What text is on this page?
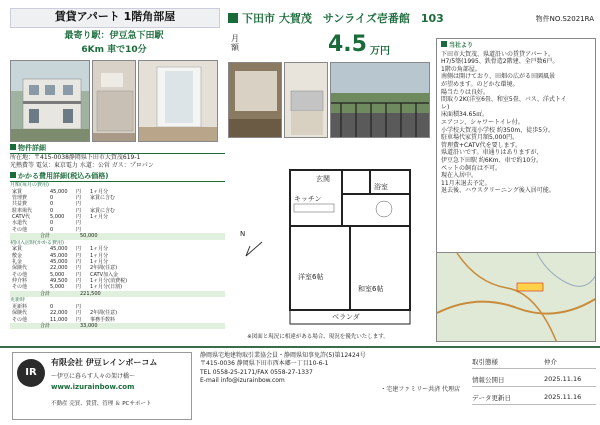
賃貸アパート 1階角部屋
最寄り駅：伊豆急下田駅
6Km 車で10分
下田市 大賀茂　サンライズ壱番館　103	物件NO.S2021RA
月額	4.5 万円
物件詳細
所在地：〒415-0038静岡県下田市大賀茂619-1
光熱費等 電気：東京電力 水道：公営 ガス：プロパン
かかる費用詳細(税込み価格)
月額(毎月の費用)
家賃	45,000 円 1ヶ月分
管理費	0	円 家賃に含む
共益費	0	円
駐車場代	0	円 家賃に含む
CATV代	5,000 円 1ヶ月分
水道代	0	円
その他	0	円
合計	50,000
初回入居時(かかる費用)
家賃	45,000 円 1ヶ月分
敷金	45,000 円 1ヶ月分
礼金	45,000 円 1ヶ月分
保険代	22,000 円 2年間(任意)
その他	5,000 円 CATV加入金
仲介料	49,500 円 1ヶ月分(消費税)
その他	5,000 円 1ヶ月分(日割)
合計	221,500
更新時
更新料	0	円
保険代	22,000 円 2年間(任意)
その他	11,000 円 事務手数料
合計	33,000
N
玄関
浴室
キッチン
洋室6帖
和室6帖
ベランダ
※図面と現況に相違がある場合、現況を優先いたします。
当社より
下田市大賀茂、県道沿いの賃貸アパート。
H7/5築(1995、鉄骨造2階建、全戸数6戸。
1階の角部屋。
南側は開けており、田畑の広がる田園風景
が望めます。のどかな環境。
陽当たりは良好。
間取り2K(洋室6畳、和室5畳、バス、洋式トイ
レ)
床面積34.65㎡。
エアコン、シャワートイレ付。
小学校大賀茂小学校 約350m、徒歩5分。
駐車場代家賃月額5,000円。
管理費+CATV代を要します。
県道沿いです。車通りはありますが、
伊豆急下田駅 約6Km、車で約10分。
ペットの飼育は不可。
現在入居中。
11月末退去予定。
退去後、ハウスクリーニング後入居可能。
IR
有限会社 伊豆レインボーコム
～伊豆に暮らす人々の架け橋～
www.izurainbow.com
不動産 売買、賃貸、管理 ＆ PCサポート
静岡県宅地建物取引業協会員・静岡県知事免許(5)第12424号
〒415-0036 静岡県下田市西本郷一丁目10-6-1
TEL 0558-25-2171/FAX 0558-27-1337
E-mail info@izurainbow.com
・宅建ファミリー共済 代理店
取引態様	仲介
情報公開日	2025.11.16
データ更新日	2025.11.16
